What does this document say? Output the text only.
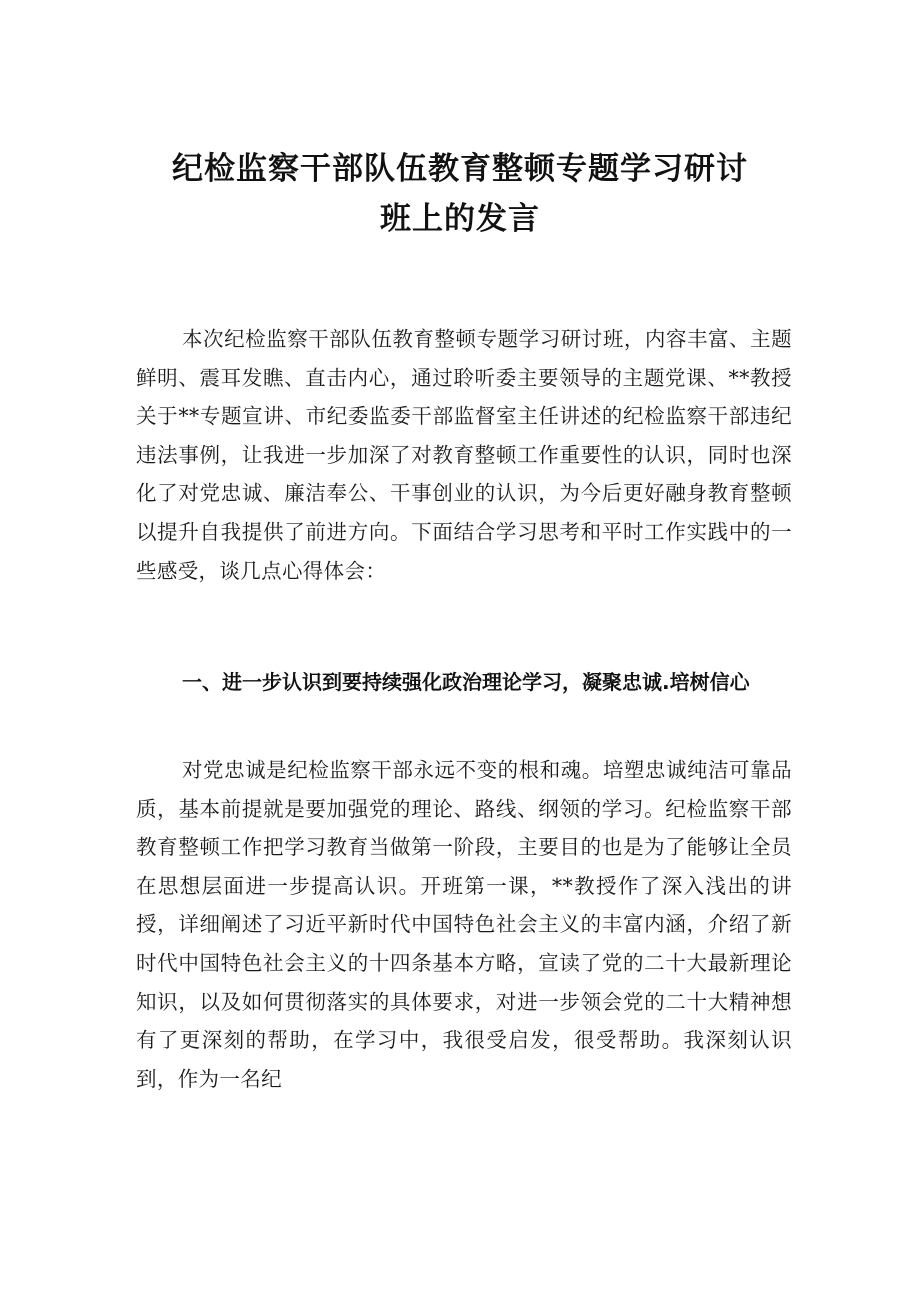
纪检监察干部队伍教育整顿专题学习研讨
班上的发言

本次纪检监察干部队伍教育整顿专题学习研讨班，内容丰富、主题鲜明、震耳发瞧、直击内心，通过聆听委主要领导的主题党课、**教授关于**专题宣讲、市纪委监委干部监督室主任讲述的纪检监察干部违纪违法事例，让我进一步加深了对教育整顿工作重要性的认识，同时也深化了对党忠诚、廉洁奉公、干事创业的认识，为今后更好融身教育整顿以提升自我提供了前进方向。下面结合学习思考和平时工作实践中的一些感受，谈几点心得体会：

一、进一步认识到要持续强化政治理论学习，凝聚忠诚.培树信心

对党忠诚是纪检监察干部永远不变的根和魂。培塑忠诚纯洁可靠品质，基本前提就是要加强党的理论、路线、纲领的学习。纪检监察干部教育整顿工作把学习教育当做第一阶段，主要目的也是为了能够让全员在思想层面进一步提高认识。开班第一课，**教授作了深入浅出的讲授，详细阐述了习近平新时代中国特色社会主义的丰富内涵，介绍了新时代中国特色社会主义的十四条基本方略，宣读了党的二十大最新理论知识，以及如何贯彻落实的具体要求，对进一步领会党的二十大精神想有了更深刻的帮助，在学习中，我很受启发，很受帮助。我深刻认识到，作为一名纪
